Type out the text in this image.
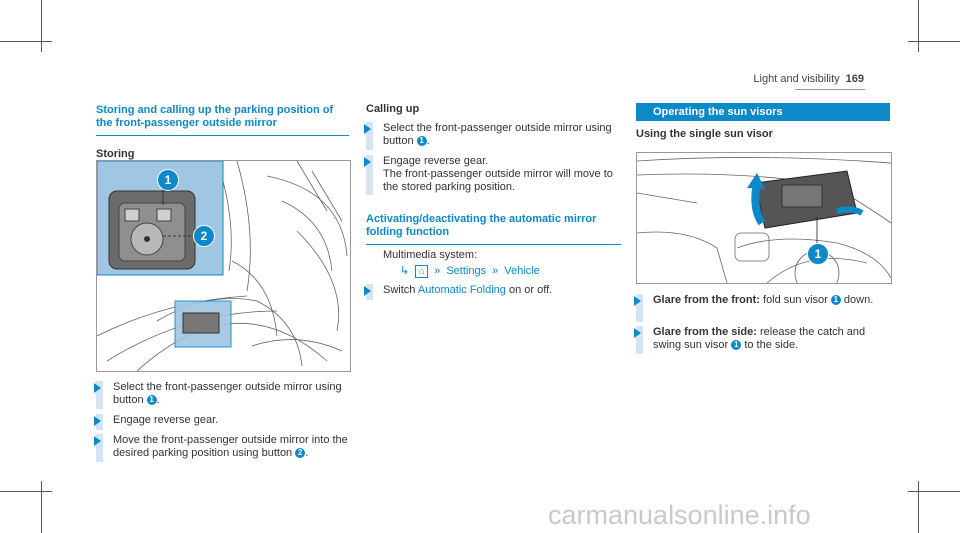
Light and visibility 169
Storing and calling up the parking position of the front-passenger outside mirror
Storing
1
2
Select the front-passenger outside mirror using button 1 .
Engage reverse gear.
Move the front-passenger outside mirror into the desired parking position using button 2 .
Calling up
Select the front-passenger outside mirror using button 1 .
Engage reverse gear.
The front-passenger outside mirror will move to the stored parking position.
Activating/deactivating the automatic mirror folding function
Multimedia system:
↳	⌂ » Settings » Vehicle
Switch Automatic Folding on or off.
Operating the sun visors
Using the single sun visor
1
Glare from the front: fold sun visor 1 down.
Glare from the side: release the catch and swing sun visor 1 to the side.
carmanualsonline.info
